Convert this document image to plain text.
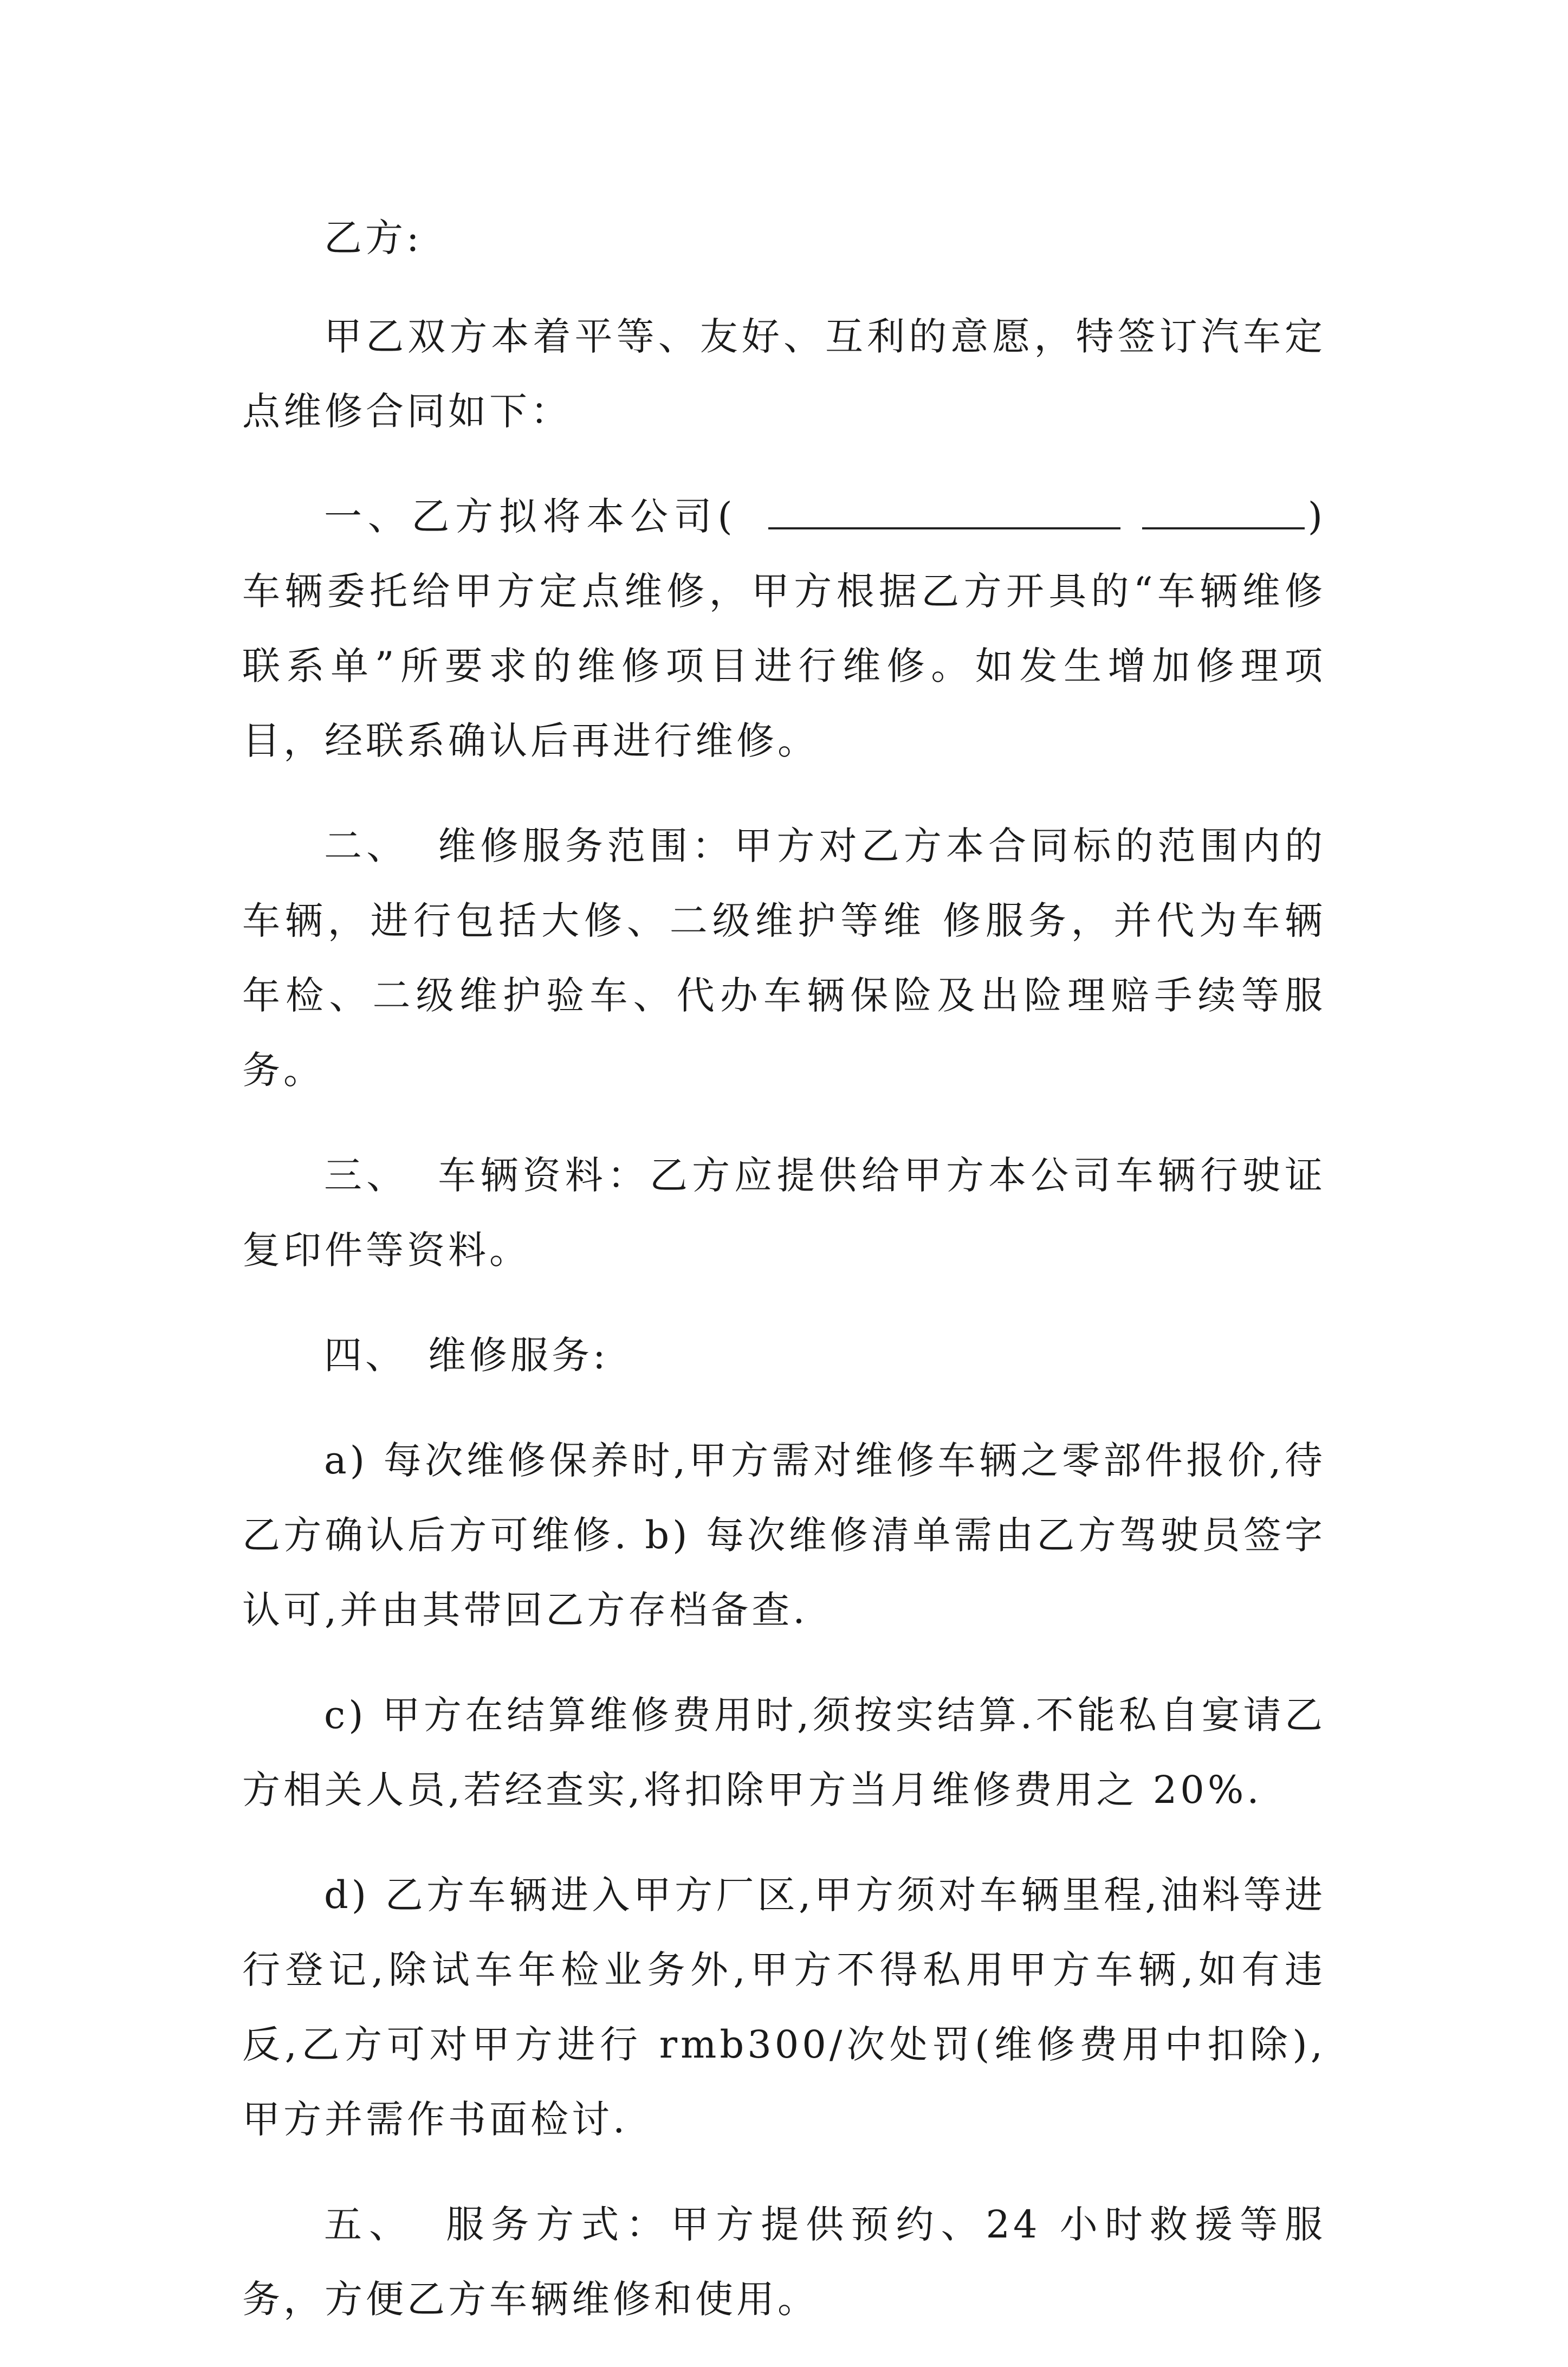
乙方:

甲乙双方本着平等、友好、互利的意愿，特签订汽车定点维修合同如下：

一、乙方拟将本公司(	)车辆委托给甲方定点维修，甲方根据乙方开具的“车辆维修联系单”所要求的维修项目进行维修。如发生增加修理项目，经联系确认后再进行维修。

二、 维修服务范围：甲方对乙方本合同标的范围内的车辆，进行包括大修、二级维护等维 修服务，并代为车辆年检、二级维护验车、代办车辆保险及出险理赔手续等服务。

三、 车辆资料：乙方应提供给甲方本公司车辆行驶证复印件等资料。

四、 维修服务:

a) 每次维修保养时,甲方需对维修车辆之零部件报价,待乙方确认后方可维修. b) 每次维修清单需由乙方驾驶员签字认可,并由其带回乙方存档备查.

c) 甲方在结算维修费用时,须按实结算.不能私自宴请乙方相关人员,若经查实,将扣除甲方当月维修费用之 20%.

d) 乙方车辆进入甲方厂区,甲方须对车辆里程,油料等进行登记,除试车年检业务外,甲方不得私用甲方车辆,如有违反,乙方可对甲方进行 rmb300/次处罚(维修费用中扣除),甲方并需作书面检讨.

五、 服务方式：甲方提供预约、24 小时救援等服务，方便乙方车辆维修和使用。
